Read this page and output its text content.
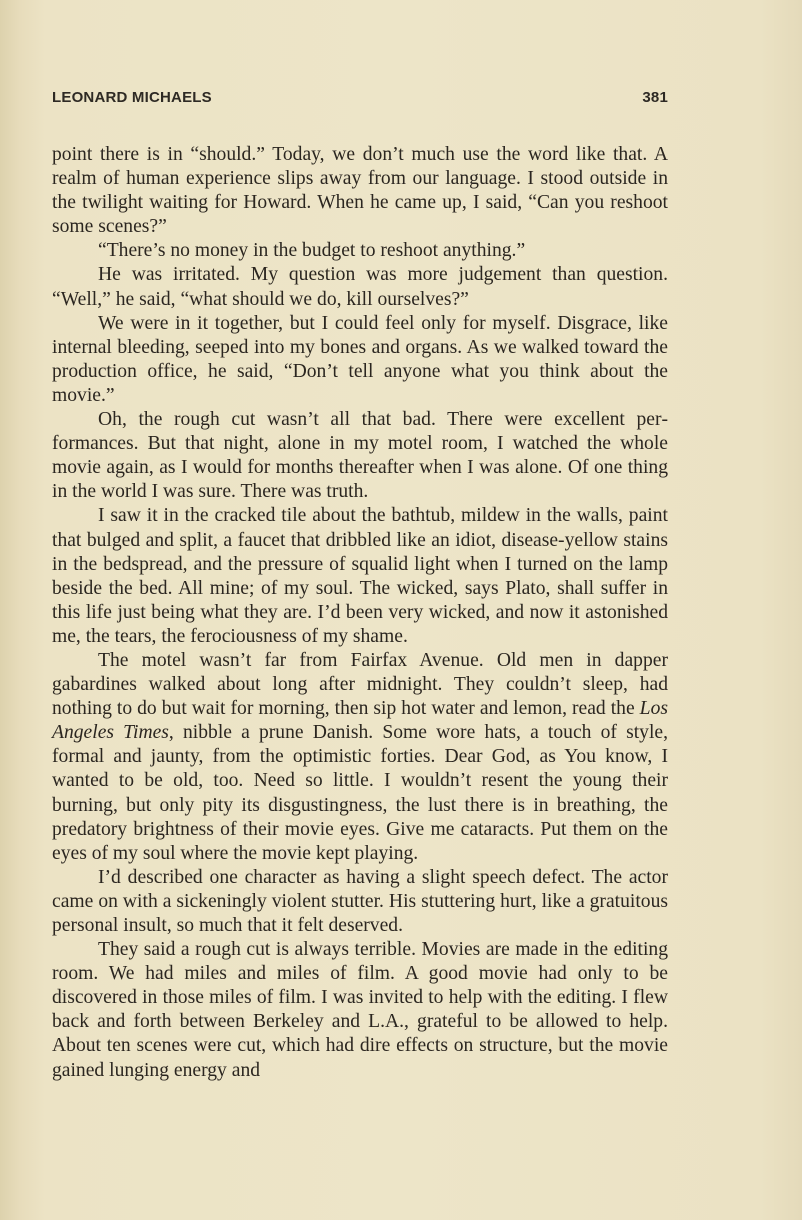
LEONARD MICHAELS	381

point there is in “should.” Today, we don’t much use the word like that. A realm of human experience slips away from our language. I stood outside in the twilight waiting for Howard. When he came up, I said, “Can you reshoot some scenes?”

“There’s no money in the budget to reshoot anything.”

He was irritated. My question was more judgement than question. “Well,” he said, “what should we do, kill ourselves?”

We were in it together, but I could feel only for myself. Disgrace, like internal bleeding, seeped into my bones and organs. As we walked toward the production office, he said, “Don’t tell anyone what you think about the movie.”

Oh, the rough cut wasn’t all that bad. There were excellent performances. But that night, alone in my motel room, I watched the whole movie again, as I would for months thereafter when I was alone. Of one thing in the world I was sure. There was truth.

I saw it in the cracked tile about the bathtub, mildew in the walls, paint that bulged and split, a faucet that dribbled like an idiot, disease-yellow stains in the bedspread, and the pressure of squalid light when I turned on the lamp beside the bed. All mine; of my soul. The wicked, says Plato, shall suffer in this life just being what they are. I’d been very wicked, and now it astonished me, the tears, the ferociousness of my shame.

The motel wasn’t far from Fairfax Avenue. Old men in dapper gabardines walked about long after midnight. They couldn’t sleep, had nothing to do but wait for morning, then sip hot water and lemon, read the Los Angeles Times, nibble a prune Danish. Some wore hats, a touch of style, formal and jaunty, from the optimistic forties. Dear God, as You know, I wanted to be old, too. Need so little. I wouldn’t resent the young their burning, but only pity its disgustingness, the lust there is in breathing, the predatory brightness of their movie eyes. Give me cataracts. Put them on the eyes of my soul where the movie kept playing.

I’d described one character as having a slight speech defect. The actor came on with a sickeningly violent stutter. His stuttering hurt, like a gratuitous personal insult, so much that it felt deserved.

They said a rough cut is always terrible. Movies are made in the editing room. We had miles and miles of film. A good movie had only to be discovered in those miles of film. I was invited to help with the editing. I flew back and forth between Berkeley and L.A., grateful to be allowed to help. About ten scenes were cut, which had dire effects on structure, but the movie gained lunging energy and
